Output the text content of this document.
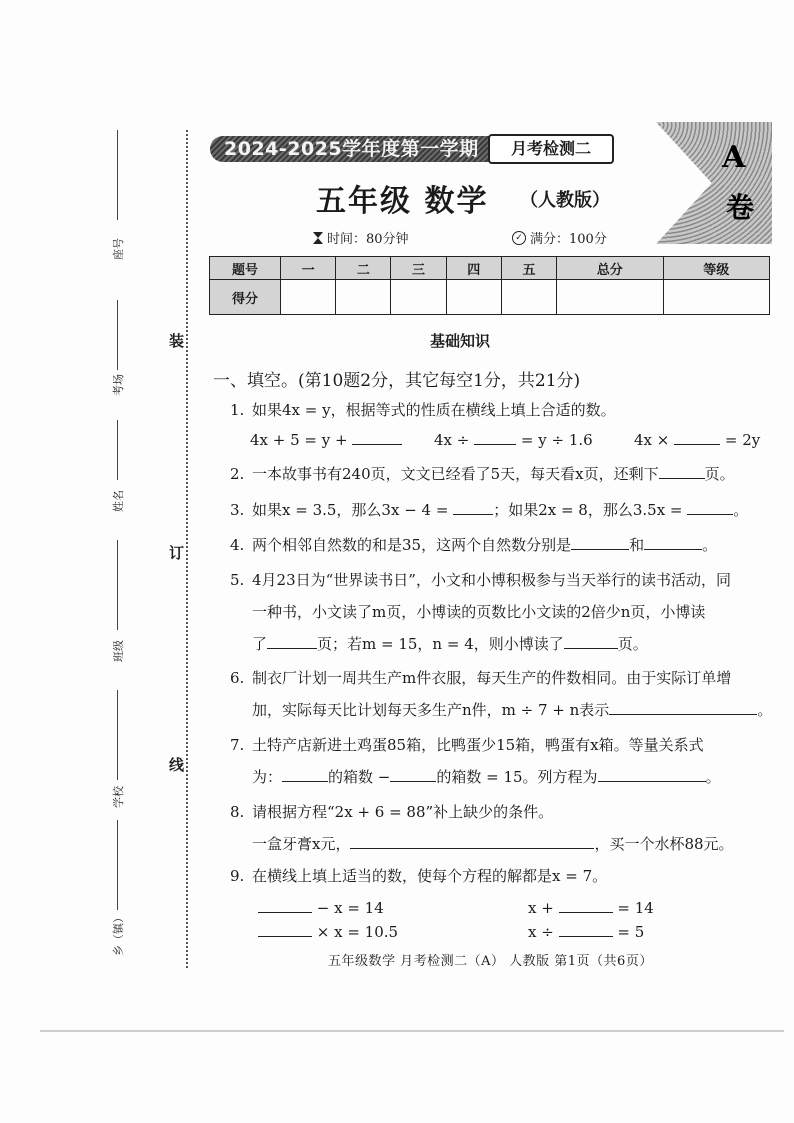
座号
考场
姓名
班级
学校
乡（镇）
装
订
线
2024-2025学年度第一学期	月考检测二
五年级 数学 （人教版）
A
卷
时间：80分钟	✓ 满分：100分
题号	一	二	三	四	五	总分	等级
得分							
基础知识
一、填空。(第10题2分，其它每空1分，共21分)
1. 如果4x = y，根据等式的性质在横线上填上合适的数。
4x + 5 = y +	4x ÷	= y ÷ 1.6	4x ×	= 2y
2. 一本故事书有240页，文文已经看了5天，每天看x页，还剩下	页。
3. 如果x = 3.5，那么3x − 4 =	；如果2x = 8，那么3.5x =	。
4. 两个相邻自然数的和是35，这两个自然数分别是	和	。
5. 4月23日为“世界读书日”，小文和小博积极参与当天举行的读书活动，同
一种书，小文读了m页，小博读的页数比小文读的2倍少n页，小博读
了	页；若m = 15，n = 4，则小博读了	页。
6. 制衣厂计划一周共生产m件衣服，每天生产的件数相同。由于实际订单增
加，实际每天比计划每天多生产n件，m ÷ 7 + n表示	。
7. 土特产店新进土鸡蛋85箱，比鸭蛋少15箱，鸭蛋有x箱。等量关系式
为：	的箱数 −	的箱数 = 15。列方程为	。
8. 请根据方程“2x + 6 = 88”补上缺少的条件。
一盒牙膏x元，	，买一个水杯88元。
9. 在横线上填上适当的数，使每个方程的解都是x = 7。
− x = 14	x +	= 14
× x = 10.5	x ÷	= 5
五年级数学 月考检测二（A） 人教版 第1页（共6页）
